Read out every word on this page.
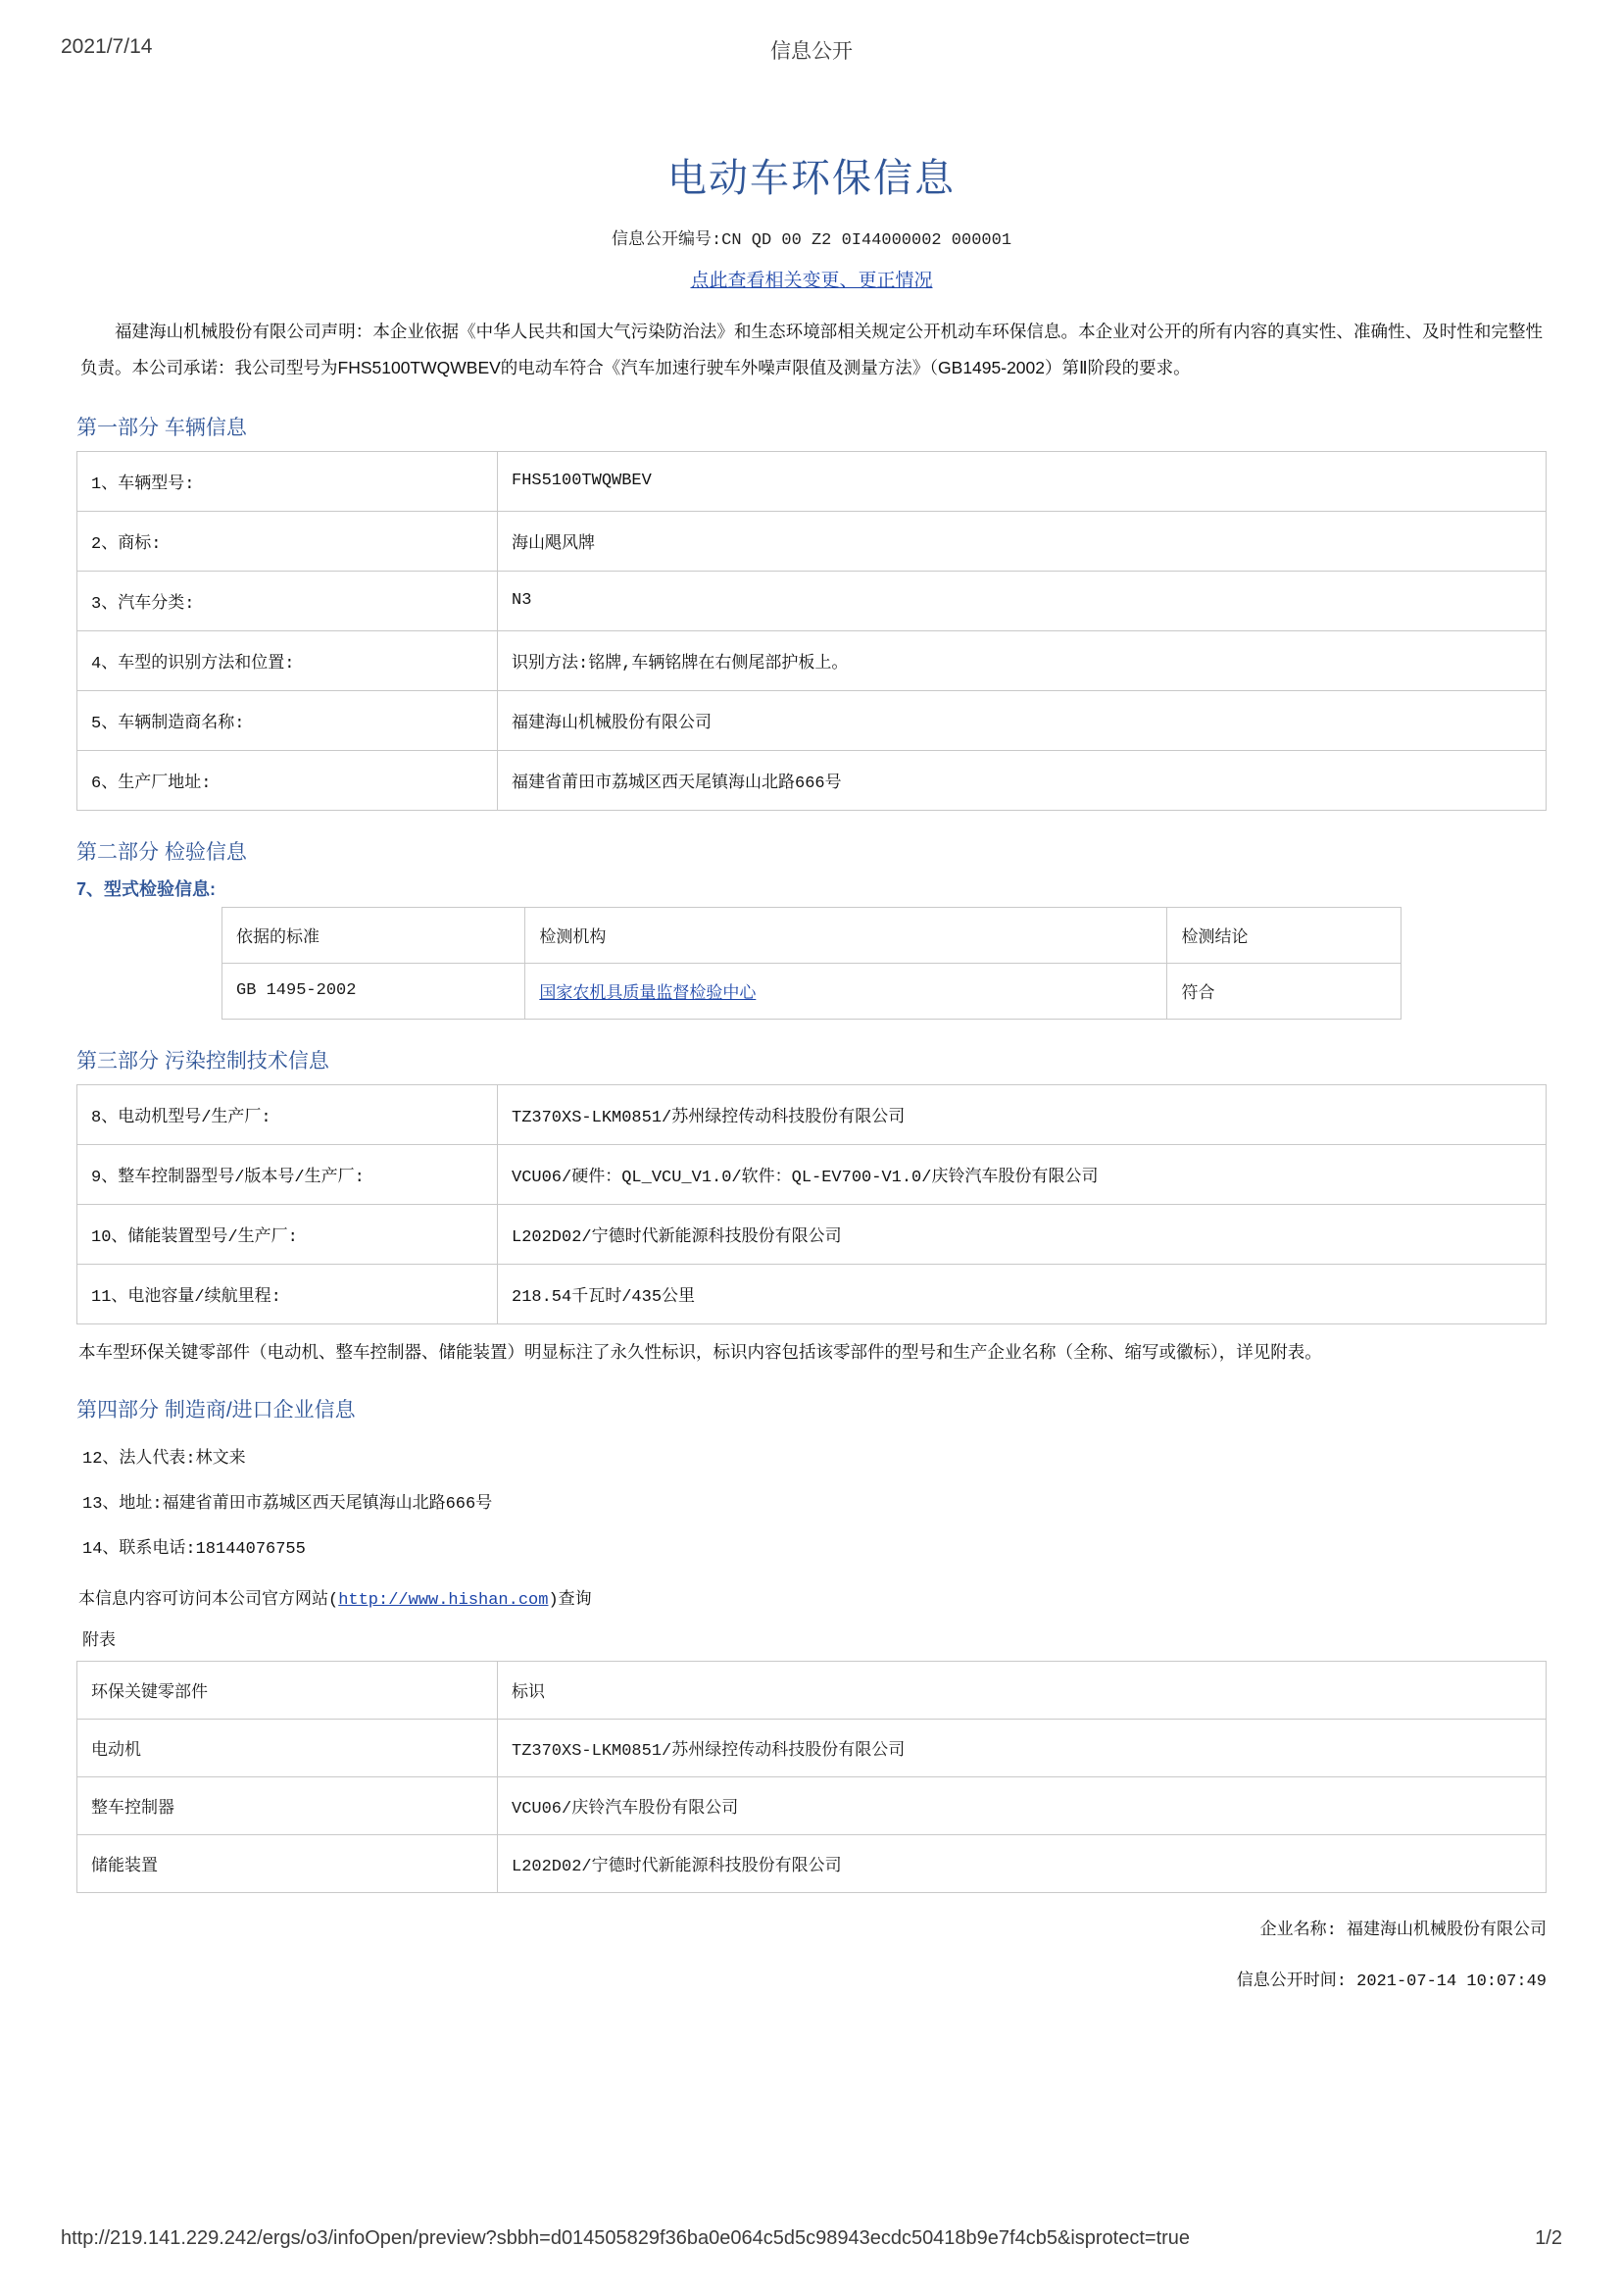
2021/7/14	信息公开
电动车环保信息
信息公开编号:CN QD 00 Z2 0I44000002 000001
点此查看相关变更、更正情况

福建海山机械股份有限公司声明：本企业依据《中华人民共和国大气污染防治法》和生态环境部相关规定公开机动车环保信息。本企业对公开的所有内容的真实性、准确性、及时性和完整性负责。本公司承诺：我公司型号为FHS5100TWQWBEV的电动车符合《汽车加速行驶车外噪声限值及测量方法》（GB1495-2002）第Ⅱ阶段的要求。

第一部分 车辆信息
1、车辆型号:	FHS5100TWQWBEV
2、商标:	海山飓风牌
3、汽车分类:	N3
4、车型的识别方法和位置:	识别方法:铭牌,车辆铭牌在右侧尾部护板上。
5、车辆制造商名称:	福建海山机械股份有限公司
6、生产厂地址:	福建省莆田市荔城区西天尾镇海山北路666号
第二部分 检验信息
7、型式检验信息:
依据的标准	检测机构	检测结论
GB 1495-2002	国家农机具质量监督检验中心	符合
第三部分 污染控制技术信息
8、电动机型号/生产厂:	TZ370XS-LKM0851/苏州绿控传动科技股份有限公司
9、整车控制器型号/版本号/生产厂:	VCU06/硬件：QL_VCU_V1.0/软件：QL-EV700-V1.0/庆铃汽车股份有限公司
10、储能装置型号/生产厂:	L202D02/宁德时代新能源科技股份有限公司
11、电池容量/续航里程:	218.54千瓦时/435公里

本车型环保关键零部件（电动机、整车控制器、储能装置）明显标注了永久性标识，标识内容包括该零部件的型号和生产企业名称（全称、缩写或徽标），详见附表。

第四部分 制造商/进口企业信息
12、法人代表:林文来
13、地址:福建省莆田市荔城区西天尾镇海山北路666号
14、联系电话:18144076755
本信息内容可访问本公司官方网站(http://www.hishan.com)查询
附表
环保关键零部件	标识
电动机	TZ370XS-LKM0851/苏州绿控传动科技股份有限公司
整车控制器	VCU06/庆铃汽车股份有限公司
储能装置	L202D02/宁德时代新能源科技股份有限公司
企业名称: 福建海山机械股份有限公司
信息公开时间: 2021-07-14 10:07:49
http://219.141.229.242/ergs/o3/infoOpen/preview?sbbh=d014505829f36ba0e064c5d5c98943ecdc50418b9e7f4cb5&isprotect=true	1/2
